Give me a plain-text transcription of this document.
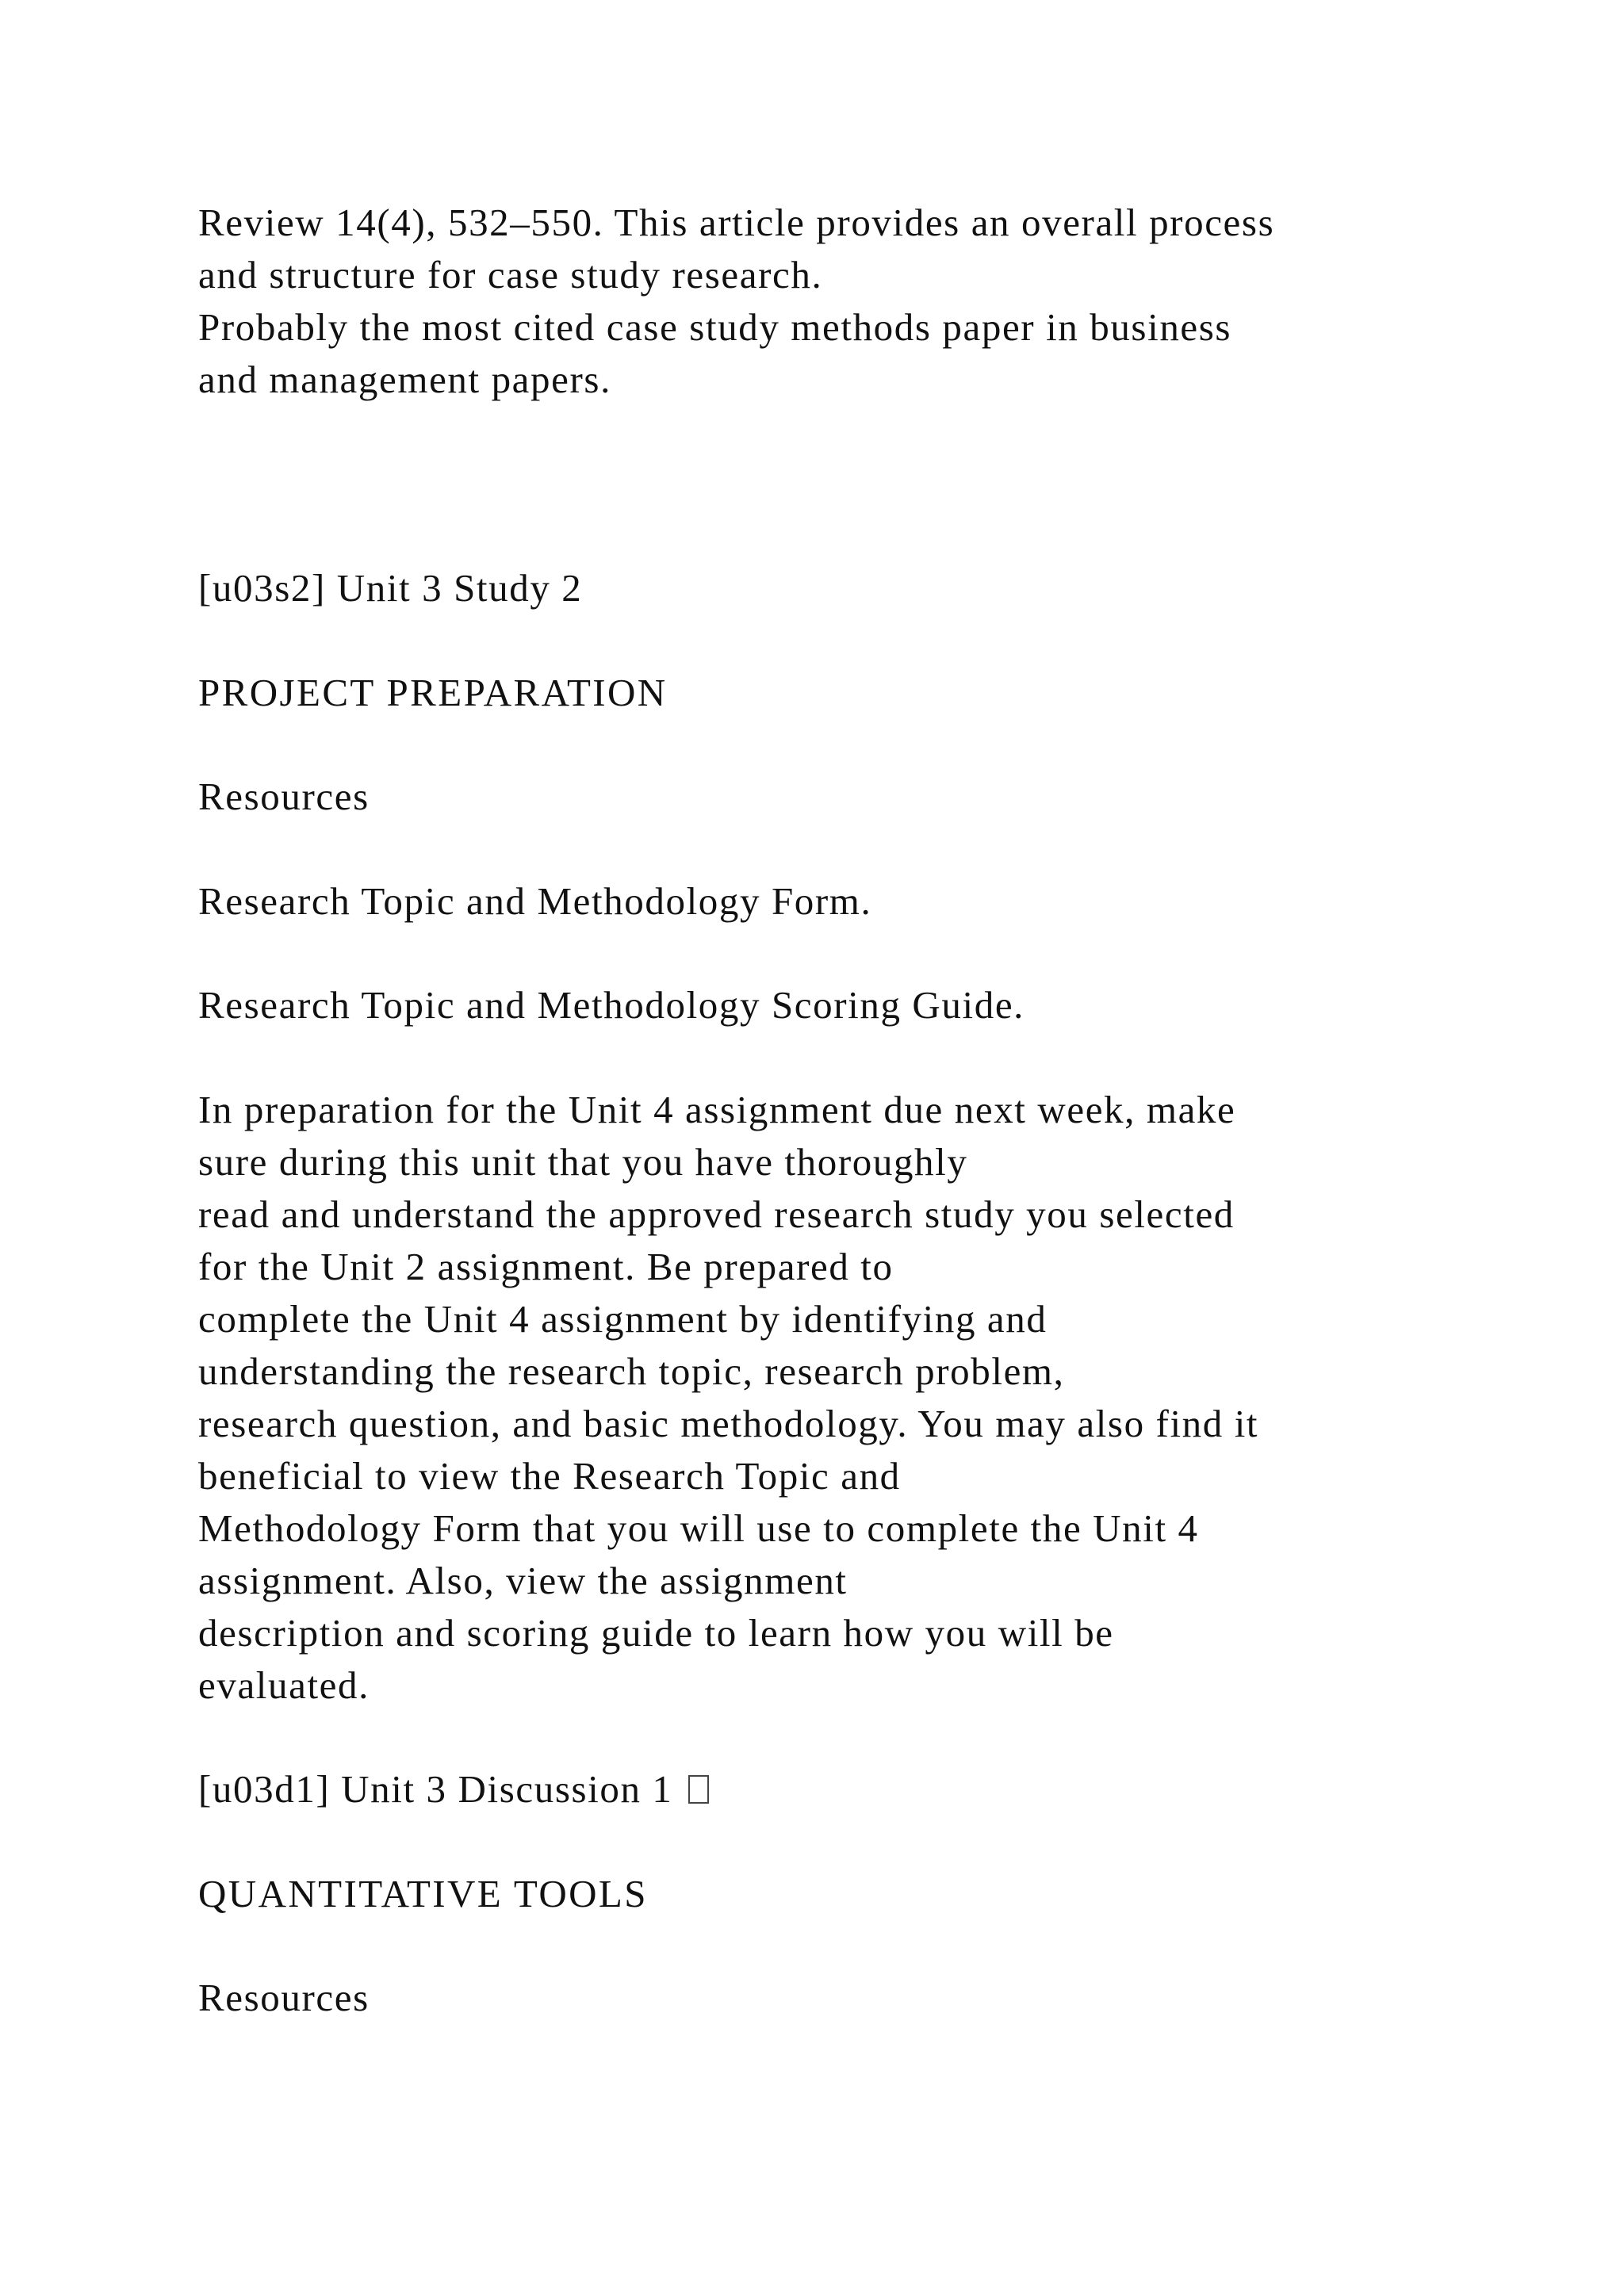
Review 14(4), 532–550. This article provides an overall process

and structure for case study research.

Probably the most cited case study methods paper in business

and management papers.

[u03s2] Unit 3 Study 2

PROJECT PREPARATION

Resources

Research Topic and Methodology Form.

Research Topic and Methodology Scoring Guide.

In preparation for the Unit 4 assignment due next week, make

sure during this unit that you have thoroughly

read and understand the approved research study you selected

for the Unit 2 assignment. Be prepared to

complete the Unit 4 assignment by identifying and

understanding the research topic, research problem,

research question, and basic methodology. You may also find it

beneficial to view the Research Topic and

Methodology Form that you will use to complete the Unit 4

assignment. Also, view the assignment

description and scoring guide to learn how you will be

evaluated.

[u03d1] Unit 3 Discussion 1

QUANTITATIVE TOOLS

Resources
